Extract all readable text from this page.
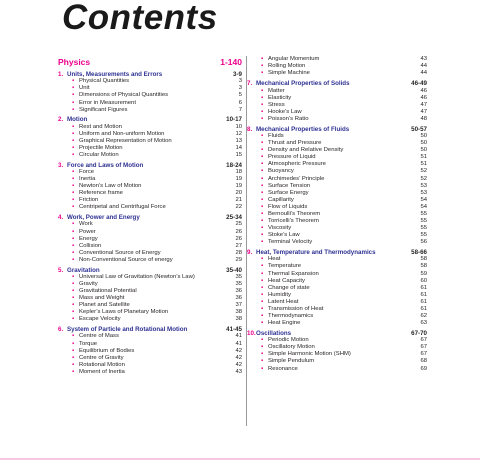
Contents
Physics	1-140
1. Units, Measurements and Errors	3-9
▪ Physical Quantities	3
▪ Unit	3
▪ Dimensions of Physical Quantities	5
▪ Error in Measurement	6
▪ Significant Figures	7
2. Motion	10-17
▪ Rest and Motion	10
▪ Uniform and Non-uniform Motion	12
▪ Graphical Representation of Motion	13
▪ Projectile Motion	14
▪ Circular Motion	15
3. Force and Laws of Motion	18-24
▪ Force	18
▪ Inertia	19
▪ Newton’s Law of Motion	19
▪ Reference frame	20
▪ Friction	21
▪ Centripetal and Centrifugal Force	22
4. Work, Power and Energy	25-34
▪ Work	25
▪ Power	26
▪ Energy	26
▪ Collision	27
▪ Conventional Source of Energy	28
▪ Non-Conventional Source of energy	29
5. Gravitation	35-40
▪ Universal Law of Gravitation (Newton’s Law)	35
▪ Gravity	35
▪ Gravitational Potential	36
▪ Mass and Weight	36
▪ Planet and Satellite	37
▪ Kepler’s Laws of Planetary Motion	38
▪ Escape Velocity	38
6. System of Particle and Rotational Motion	41-45
▪ Centre of Mass	41
▪ Torque	41
▪ Equilibrium of Bodies	42
▪ Centre of Gravity	42
▪ Rotational Motion	42
▪ Moment of Inertia	43
▪ Angular Momentum	43
▪ Rolling Motion	44
▪ Simple Machine	44
7. Mechanical Properties of Solids	46-49
▪ Matter	46
▪ Elasticity	46
▪ Stress	47
▪ Hooke’s Law	47
▪ Poisson’s Ratio	48
8. Mechanical Properties of Fluids	50-57
▪ Fluids	50
▪ Thrust and Pressure	50
▪ Density and Relative Density	50
▪ Pressure of Liquid	51
▪ Atmospheric Pressure	51
▪ Buoyancy	52
▪ Archimedes’ Principle	52
▪ Surface Tension	53
▪ Surface Energy	53
▪ Capillarity	54
▪ Flow of Liquids	54
▪ Bernoulli’s Theorem	55
▪ Torricelli’s Theorem	55
▪ Viscosity	55
▪ Stoke’s Law	55
▪ Terminal Velocity	56
9. Heat, Temperature and Thermodynamics	58-66
▪ Heat	58
▪ Temperature	58
▪ Thermal Expansion	59
▪ Heat Capacity	60
▪ Change of state	61
▪ Humidity	61
▪ Latent Heat	61
▪ Transmission of Heat	61
▪ Thermodynamics	62
▪ Heat Engine	63
10. Oscillations	67-70
▪ Periodic Motion	67
▪ Oscillatory Motion	67
▪ Simple Harmonic Motion (SHM)	67
▪ Simple Pendulum	68
▪ Resonance	69
